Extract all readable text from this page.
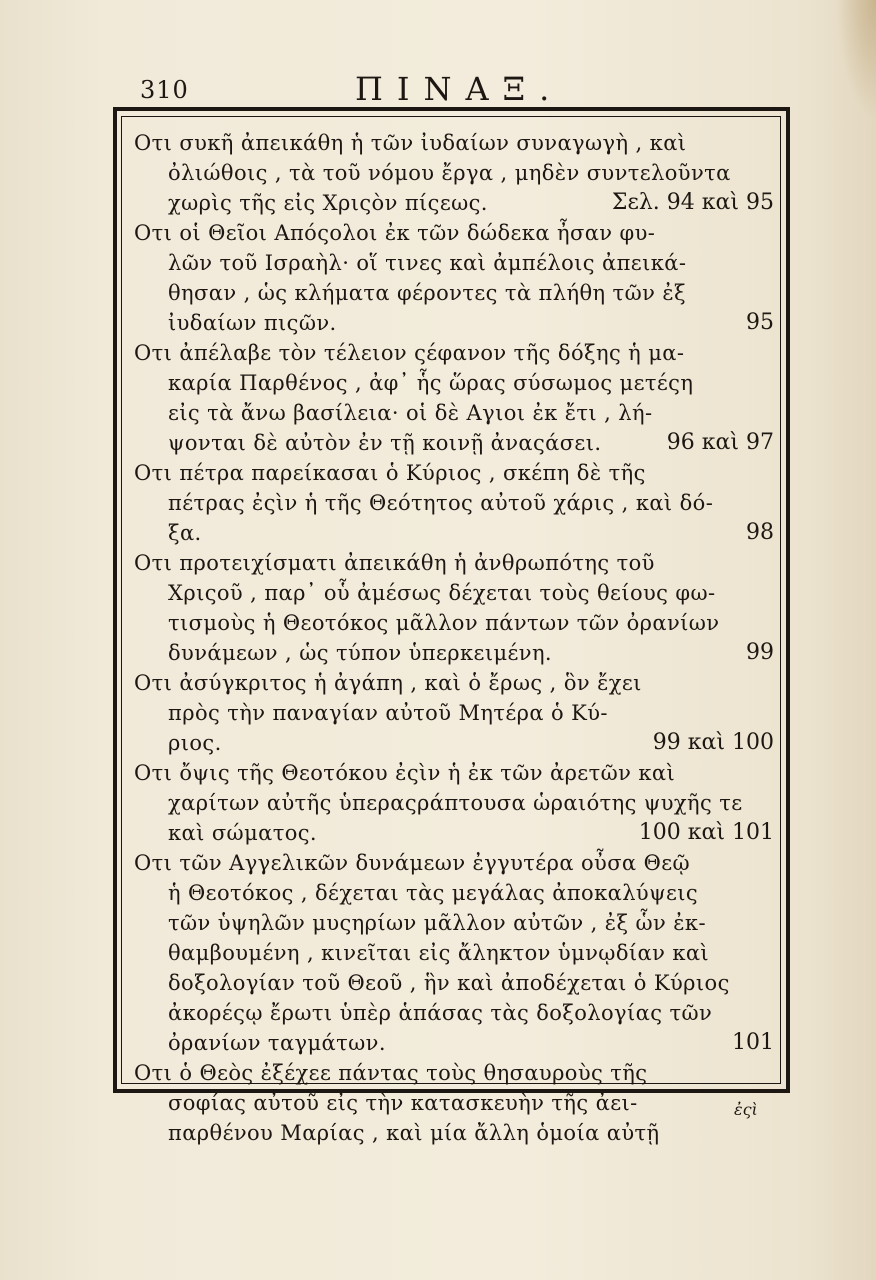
310	ΠΙΝΑΞ.
Οτι συκῆ ἀπεικάθη ἡ τῶν ἰυδαίων συναγωγὴ , καὶ
ὀλιώθοις , τὰ τοῦ νόμου ἔργα , μηδὲν συντελοῦντα
χωρὶς τῆς εἰς Χριςὸν πίςεως.	Σελ. 94 καὶ 95
Οτι οἱ Θεῖοι Απόςολοι ἐκ τῶν δώδεκα ἦσαν φυ-
λῶν τοῦ Ισραὴλ· οἵ τινες καὶ ἀμπέλοις ἀπεικά-
θησαν , ὡς κλήματα φέροντες τὰ πλήθη τῶν ἐξ
ἰυδαίων πιςῶν.	95
Οτι ἀπέλαβε τὸν τέλειον ςέφανον τῆς δόξης ἡ μα-
καρία Παρθένος , ἀφ᾽ ἧς ὥρας σύσωμος μετέςη
εἰς τὰ ἄνω βασίλεια· οἱ δὲ Αγιοι ἐκ ἔτι , λή-
ψονται δὲ αὐτὸν ἐν τῇ κοινῇ ἀναςάσει.	96 καὶ 97
Οτι πέτρα παρείκασαι ὁ Κύριος , σκέπη δὲ τῆς
πέτρας ἐςὶν ἡ τῆς Θεότητος αὐτοῦ χάρις , καὶ δό-
ξα.	98
Οτι προτειχίσματι ἀπεικάθη ἡ ἀνθρωπότης τοῦ
Χριςοῦ , παρ᾽ οὗ ἀμέσως δέχεται τοὺς θείους φω-
τισμοὺς ἡ Θεοτόκος μᾶλλον πάντων τῶν ὀρανίων
δυνάμεων , ὡς τύπον ὑπερκειμένη.	99
Οτι ἀσύγκριτος ἡ ἀγάπη , καὶ ὁ ἔρως , ὃν ἔχει
πρὸς τὴν παναγίαν αὐτοῦ Μητέρα ὁ Κύ-
ριος.	99 καὶ 100
Οτι ὄψις τῆς Θεοτόκου ἐςὶν ἡ ἐκ τῶν ἀρετῶν καὶ
χαρίτων αὐτῆς ὑπεραςράπτουσα ὡραιότης ψυχῆς τε
καὶ σώματος.	100 καὶ 101
Οτι τῶν Αγγελικῶν δυνάμεων ἐγγυτέρα οὖσα Θεῷ
ἡ Θεοτόκος , δέχεται τὰς μεγάλας ἀποκαλύψεις
τῶν ὑψηλῶν μυςηρίων μᾶλλον αὐτῶν , ἐξ ὧν ἐκ-
θαμβουμένη , κινεῖται εἰς ἄληκτον ὑμνῳδίαν καὶ
δοξολογίαν τοῦ Θεοῦ , ἣν καὶ ἀποδέχεται ὁ Κύριος
ἀκορέςῳ ἔρωτι ὑπὲρ ἁπάσας τὰς δοξολογίας τῶν
ὀρανίων ταγμάτων.	101
Οτι ὁ Θεὸς ἐξέχεε πάντας τοὺς θησαυροὺς τῆς
σοφίας αὐτοῦ εἰς τὴν κατασκευὴν τῆς ἀει-
παρθένου Μαρίας , καὶ μία ἄλλη ὁμοία αὐτῇ
ἐςὶ
